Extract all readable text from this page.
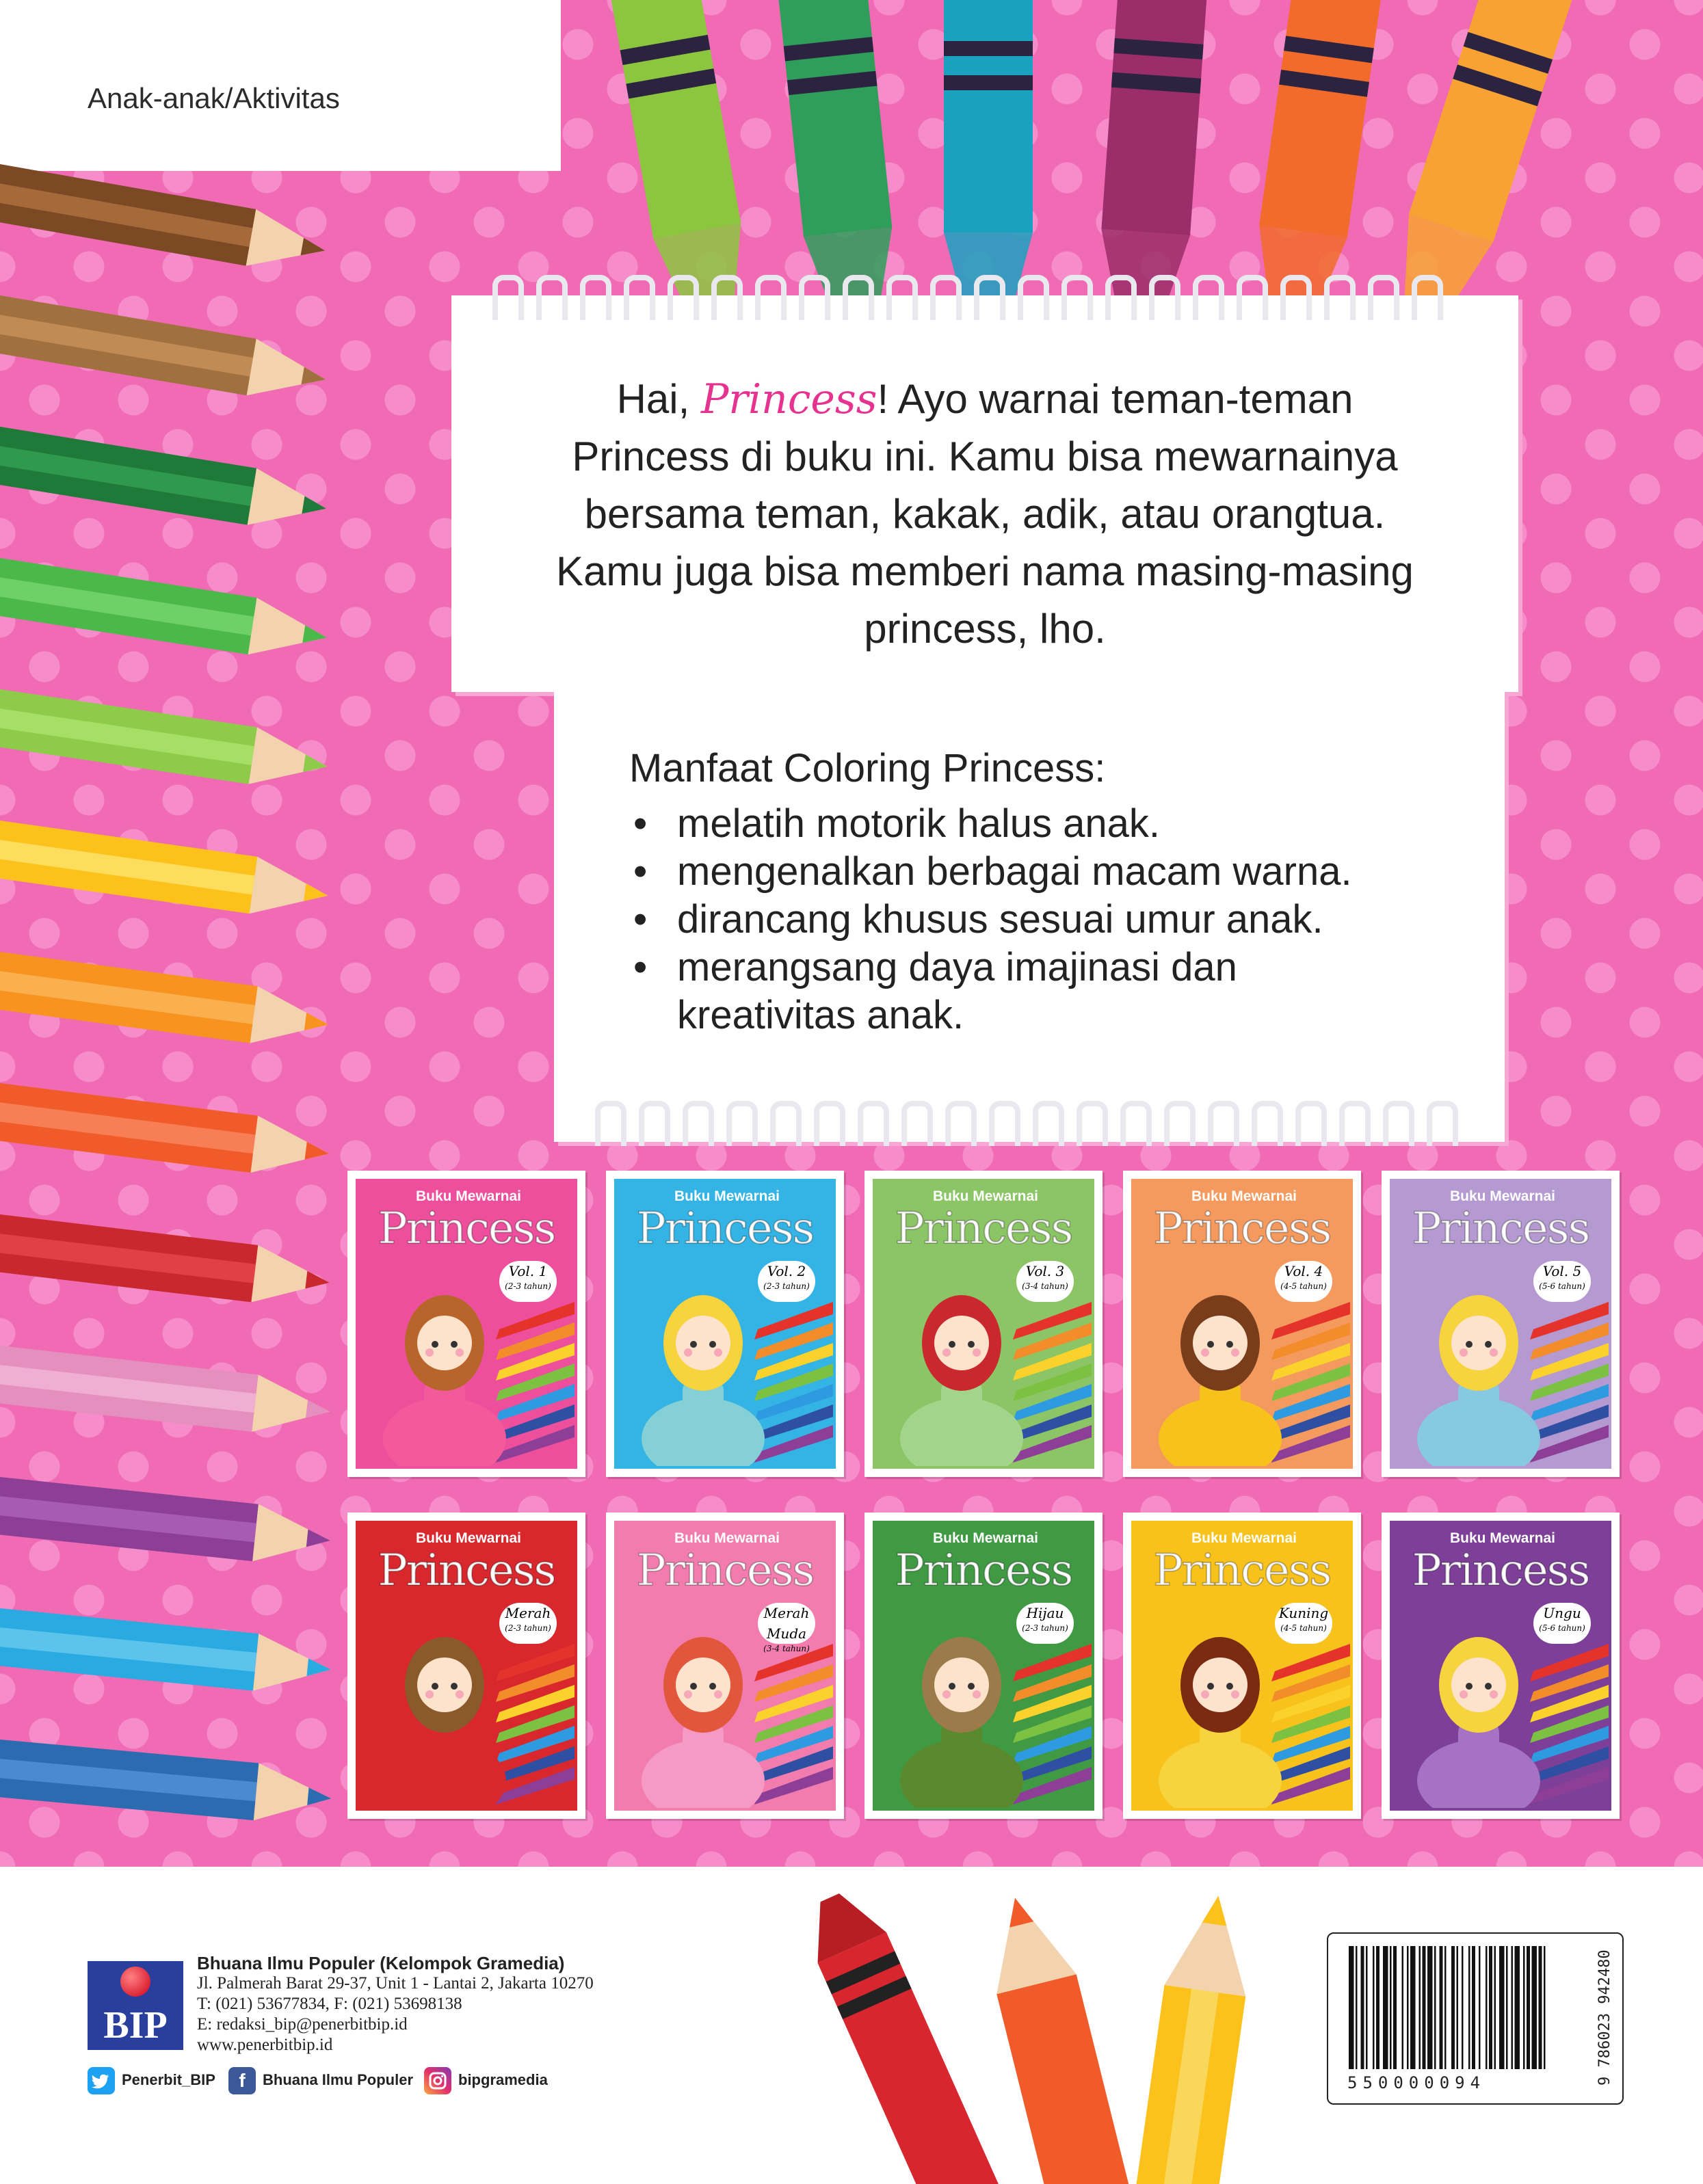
Anak-anak/Aktivitas
Hai, Princess! Ayo warnai teman-teman Princess di buku ini. Kamu bisa mewarnainya bersama teman, kakak, adik, atau orangtua. Kamu juga bisa memberi nama masing-masing princess, lho.
Manfaat Coloring Princess:
• melatih motorik halus anak.
• mengenalkan berbagai macam warna.
• dirancang khusus sesuai umur anak.
• merangsang daya imajinasi dan kreativitas anak.
Buku Mewarnai
Princess
Vol. 1
(2-3 tahun)
Buku Mewarnai
Princess
Vol. 2
(2-3 tahun)
Buku Mewarnai
Princess
Vol. 3
(3-4 tahun)
Buku Mewarnai
Princess
Vol. 4
(4-5 tahun)
Buku Mewarnai
Princess
Vol. 5
(5-6 tahun)
Buku Mewarnai
Princess
Merah
(2-3 tahun)
Buku Mewarnai
Princess
Merah Muda
(3-4 tahun)
Buku Mewarnai
Princess
Hijau
(2-3 tahun)
Buku Mewarnai
Princess
Kuning
(4-5 tahun)
Buku Mewarnai
Princess
Ungu
(5-6 tahun)
BIP
Bhuana Ilmu Populer (Kelompok Gramedia)
Jl. Palmerah Barat 29-37, Unit 1 - Lantai 2, Jakarta 10270
T: (021) 53677834, F: (021) 53698138
E: redaksi_bip@penerbitbip.id
www.penerbitbip.id
Penerbit_BIP	f Bhuana Ilmu Populer	bipgramedia	550000094	9 786023 942480
